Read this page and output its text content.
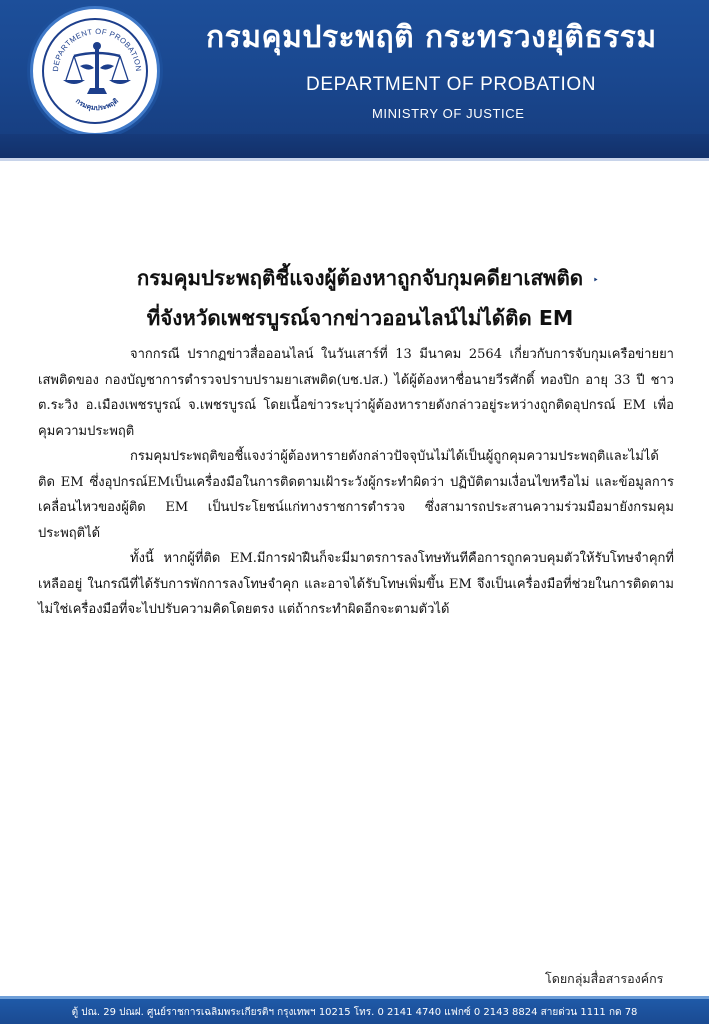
DEPARTMENT OF PROBATION
กรมคุมประพฤติ
กรมคุมประพฤติ กระทรวงยุติธรรม
DEPARTMENT OF PROBATION
MINISTRY OF JUSTICE
DOP NEWS	www.probation.go.th
กรมคุมประพฤติชี้แจงผู้ต้องหาถูกจับกุมคดียาเสพติด
ที่จังหวัดเพชรบูรณ์จากข่าวออนไลน์ไม่ได้ติด EM

จากกรณี ปรากฏข่าวสื่อออนไลน์ ในวันเสาร์ที่ 13 มีนาคม 2564 เกี่ยวกับการจับกุมเครือข่ายยาเสพติดของ กองบัญชาการตำรวจปราบปรามยาเสพติด(บช.ปส.) ได้ผู้ต้องหาชื่อนายวีรศักดิ์ ทองปิก อายุ 33 ปี ชาว ต.ระวิง อ.เมืองเพชรบูรณ์ จ.เพชรบูรณ์ โดยเนื้อข่าวระบุว่าผู้ต้องหารายดังกล่าวอยู่ระหว่างถูกติดอุปกรณ์ EM เพื่อคุมความประพฤติ

กรมคุมประพฤติขอชี้แจงว่าผู้ต้องหารายดังกล่าวปัจจุบันไม่ได้เป็นผู้ถูกคุมความประพฤติและไม่ได้ติด EM ซึ่งอุปกรณ์EMเป็นเครื่องมือในการติดตามเฝ้าระวังผู้กระทำผิดว่า ปฏิบัติตามเงื่อนไขหรือไม่ และข้อมูลการเคลื่อนไหวของผู้ติด EM เป็นประโยชน์แก่ทางราชการตำรวจ ซึ่งสามารถประสานความร่วมมือมายังกรมคุมประพฤติได้

ทั้งนี้ หากผู้ที่ติด EM.มีการฝ่าฝืนก็จะมีมาตรการลงโทษทันทีคือการถูกควบคุมตัวให้รับโทษจำคุกที่เหลืออยู่ ในกรณีที่ได้รับการพักการลงโทษจำคุก และอาจได้รับโทษเพิ่มขึ้น EM จึงเป็นเครื่องมือที่ช่วยในการติดตาม ไม่ใช่เครื่องมือที่จะไปปรับความคิดโดยตรง แต่ถ้ากระทำผิดอีกจะตามตัวได้

โดยกลุ่มสื่อสารองค์กร
ตู้ ปณ. 29 ปณฝ. ศูนย์ราชการเฉลิมพระเกียรติฯ กรุงเทพฯ 10215 โทร. 0 2141 4740 แฟกซ์ 0 2143 8824 สายด่วน 1111 กด 78
